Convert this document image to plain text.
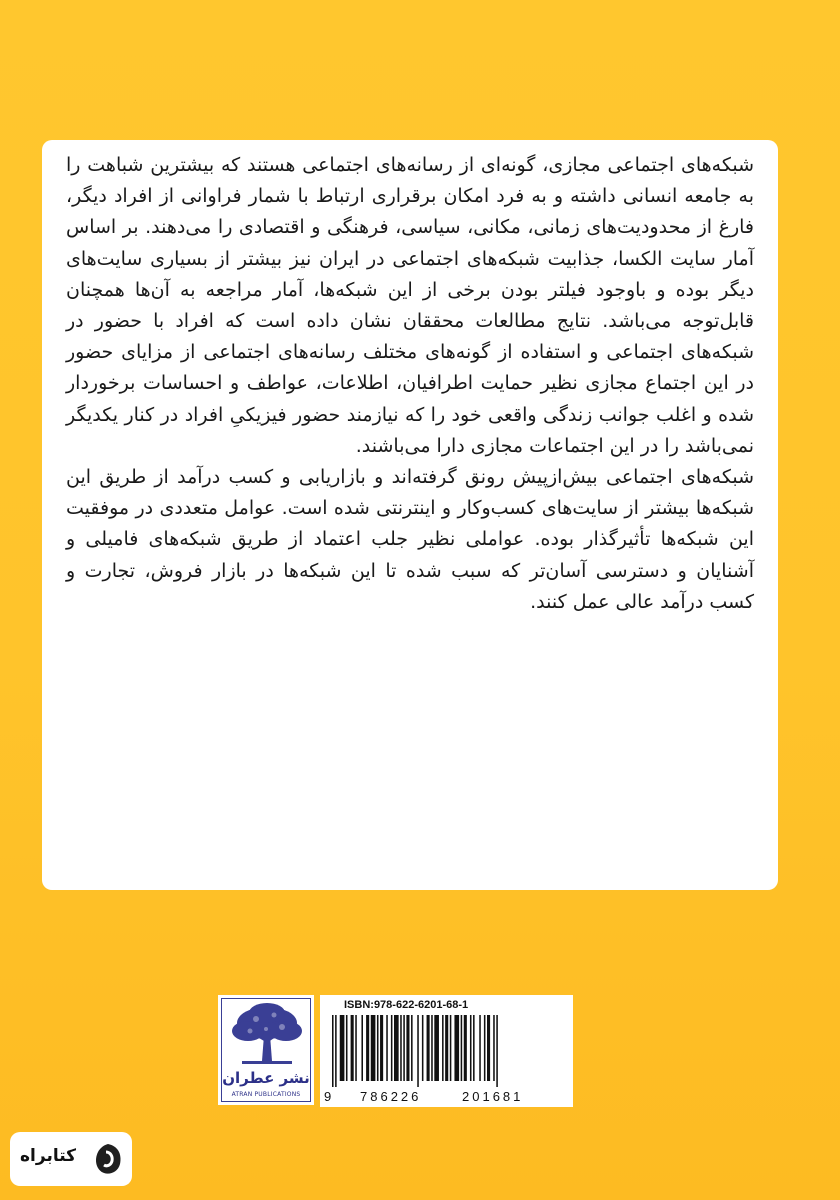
شبکه‌های اجتماعی مجازی، گونه‌ای از رسانه‌های اجتماعی هستند که بیشترین شباهت را به جامعه انسانی داشته و به فرد امکان برقراری ارتباط با شمار فراوانی از افراد دیگر، فارغ از محدودیت‌های زمانی، مکانی، سیاسی، فرهنگی و اقتصادی را می‌دهند. بر اساس آمار سایت الکسا، جذابیت شبکه‌های اجتماعی در ایران نیز بیشتر از بسیاری سایت‌های دیگر بوده و باوجود فیلتر بودن برخی از این شبکه‌ها، آمار مراجعه به آن‌ها همچنان قابل‌توجه می‌باشد. نتایج مطالعات محققان نشان داده است که افراد با حضور در شبکه‌های اجتماعی و استفاده از گونه‌های مختلف رسانه‌های اجتماعی از مزایای حضور در این اجتماع مجازی نظیر حمایت اطرافیان، اطلاعات، عواطف و احساسات برخوردار شده و اغلب جوانب زندگی واقعی خود را که نیازمند حضور فیزیکیِ افراد در کنار یکدیگر نمی‌باشد را در این اجتماعات مجازی دارا می‌باشند.

شبکه‌های اجتماعی بیش‌ازپیش رونق گرفته‌اند و بازاریابی و کسب درآمد از طریق این شبکه‌ها بیشتر از سایت‌های کسب‌وکار و اینترنتی شده است. عوامل متعددی در موفقیت این شبکه‌ها تأثیرگذار بوده. عواملی نظیر جلب اعتماد از طریق شبکه‌های فامیلی و آشنایان و دسترسی آسان‌تر که سبب شده تا این شبکه‌ها در بازار فروش، تجارت و کسب درآمد عالی عمل کنند.

نشر عطران
ATRAN PUBLICATIONS
ISBN:978-622-6201-68-1
9 786226	201681
کتابراه
